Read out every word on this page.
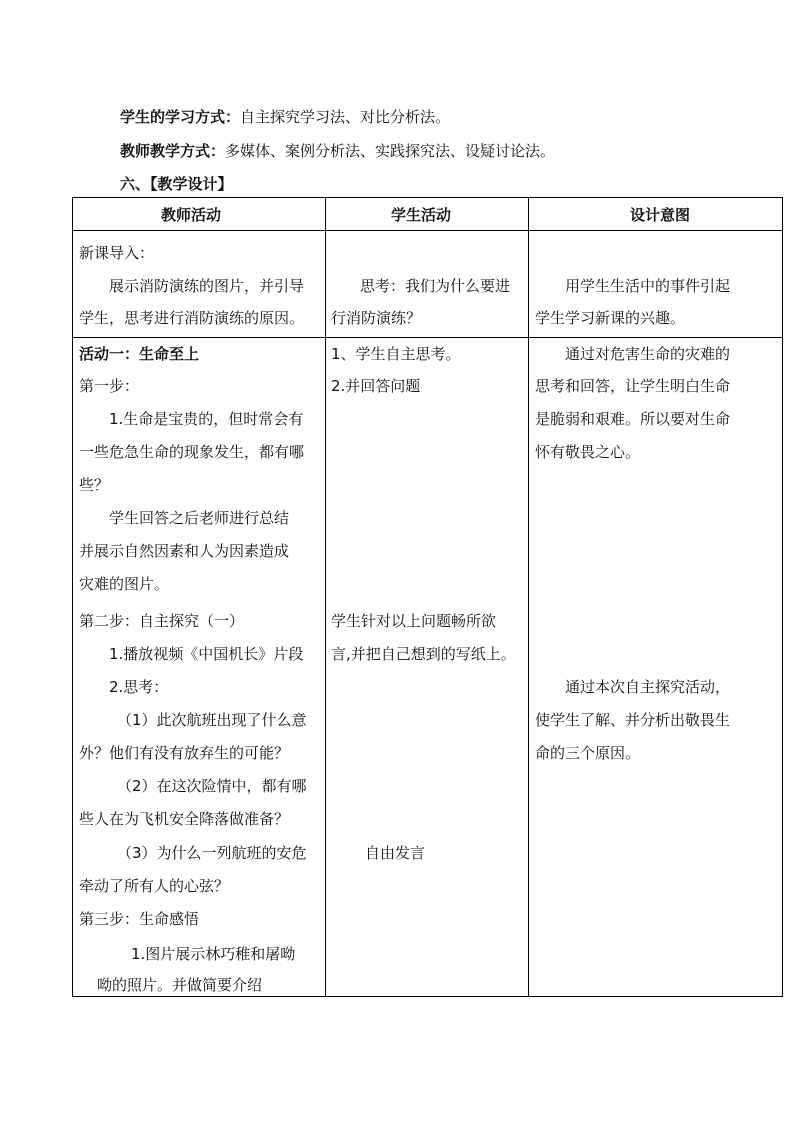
学生的学习方式：自主探究学习法、对比分析法。
教师教学方式：多媒体、案例分析法、实践探究法、设疑讨论法。
六、【教学设计】
教师活动	学生活动	设计意图
新课导入：
展示消防演练的图片，并引导
学生，思考进行消防演练的原因。
活动一：生命至上
第一步：
1.生命是宝贵的，但时常会有
一些危急生命的现象发生，都有哪
些？
学生回答之后老师进行总结
并展示自然因素和人为因素造成
灾难的图片。
第二步：自主探究（一）
1.播放视频《中国机长》片段
2.思考：
（1）此次航班出现了什么意
外？他们有没有放弃生的可能？
（2）在这次险情中，都有哪
些人在为飞机安全降落做准备？
（3）为什么一列航班的安危
牵动了所有人的心弦？
第三步：生命感悟
1.图片展示林巧稚和屠呦
呦的照片。并做简要介绍
思考：我们为什么要进
行消防演练？
1、学生自主思考。
2.并回答问题
学生针对以上问题畅所欲
言,并把自己想到的写纸上。
自由发言
用学生生活中的事件引起
学生学习新课的兴趣。
通过对危害生命的灾难的
思考和回答，让学生明白生命
是脆弱和艰难。所以要对生命
怀有敬畏之心。
通过本次自主探究活动，
使学生了解、并分析出敬畏生
命的三个原因。
